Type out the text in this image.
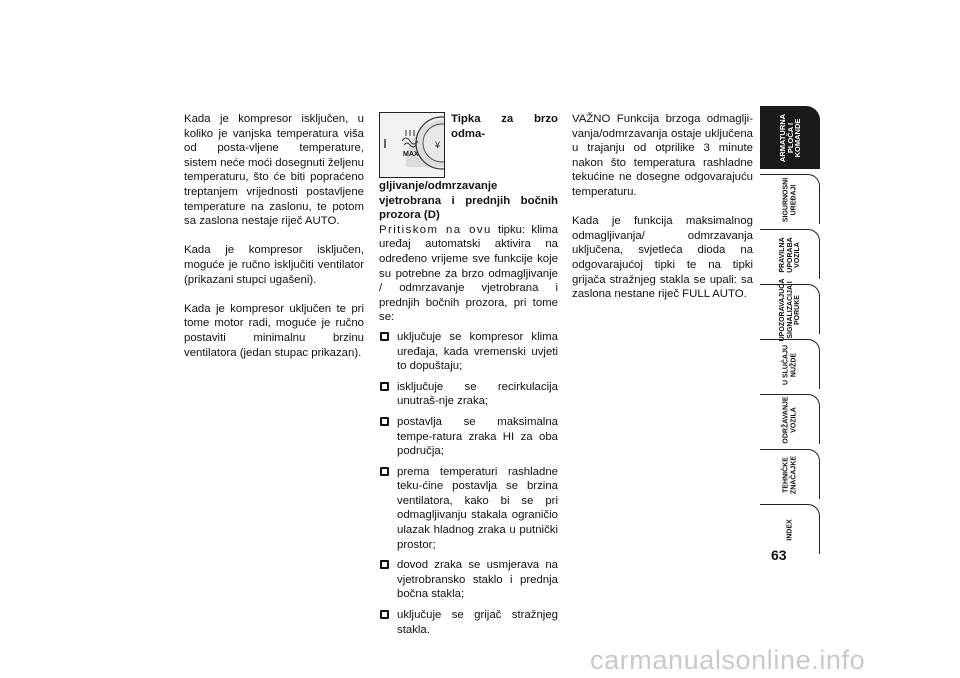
Kada je kompresor isključen, u koliko je vanjska temperatura viša od posta-vljene temperature, sistem neće moći dosegnuti željenu temperaturu, što će biti popraćeno treptanjem vrijednosti postavljene temperature na zaslonu, te potom sa zaslona nestaje riječ AUTO.

Kada je kompresor isključen, moguće je ručno isključiti ventilator (prikazani stupci ugašeni).

Kada je kompresor uključen te pri tome motor radi, moguće je ručno postaviti minimalnu brzinu ventilatora (jedan stupac prikazan).

MAX
¥
Tipka za brzo odma-gljivanje/odmrzavanje vjetrobrana i prednjih bočnih prozora (D)
Pritiskom na ovu tipku: klima uređaj automatski aktivira na određeno vrijeme sve funkcije koje su potrebne za brzo odmagljivanje / odmrzavanje vjetrobrana i prednjih bočnih prozora, pri tome se:
uključuje se kompresor klima uređaja, kada vremenski uvjeti to dopuštaju;
isključuje se recirkulacija unutraš-nje zraka;
postavlja se maksimalna tempe-ratura zraka HI za oba područja;
prema temperaturi rashladne teku-ćine postavlja se brzina ventilatora, kako bi se pri odmagljivanju stakala ograničio ulazak hladnog zraka u putnički prostor;
dovod zraka se usmjerava na vjetrobransko staklo i prednja bočna stakla;
uključuje se grijač stražnjeg stakla.

VAŽNO Funkcija brzoga odmaglji-vanja/odmrzavanja ostaje uključena u trajanju od otprilike 3 minute nakon što temperatura rashladne tekućine ne dosegne odgovarajuću temperaturu.

Kada je funkcija maksimalnog odmagljivanja/ odmrzavanja uključena, svjetleća dioda na odgovarajućoj tipki te na tipki grijača stražnjeg stakla se upali: sa zaslona nestane riječ FULL AUTO.

ARMATURNA
PLOČA I
KOMANDE
SIGURNOSNI
UREĐAJI
PRAVILNA
UPORABA
VOZILA
UPOZORAVAJUĆA
SIGNALIZACIJA I
PORUKE
U SLUČAJU
NUŽDE
ODRŽAVANJE
VOZILA
TEHNIČKE
ZNAČAJKE
INDEX
63
carmanualsonline.info
